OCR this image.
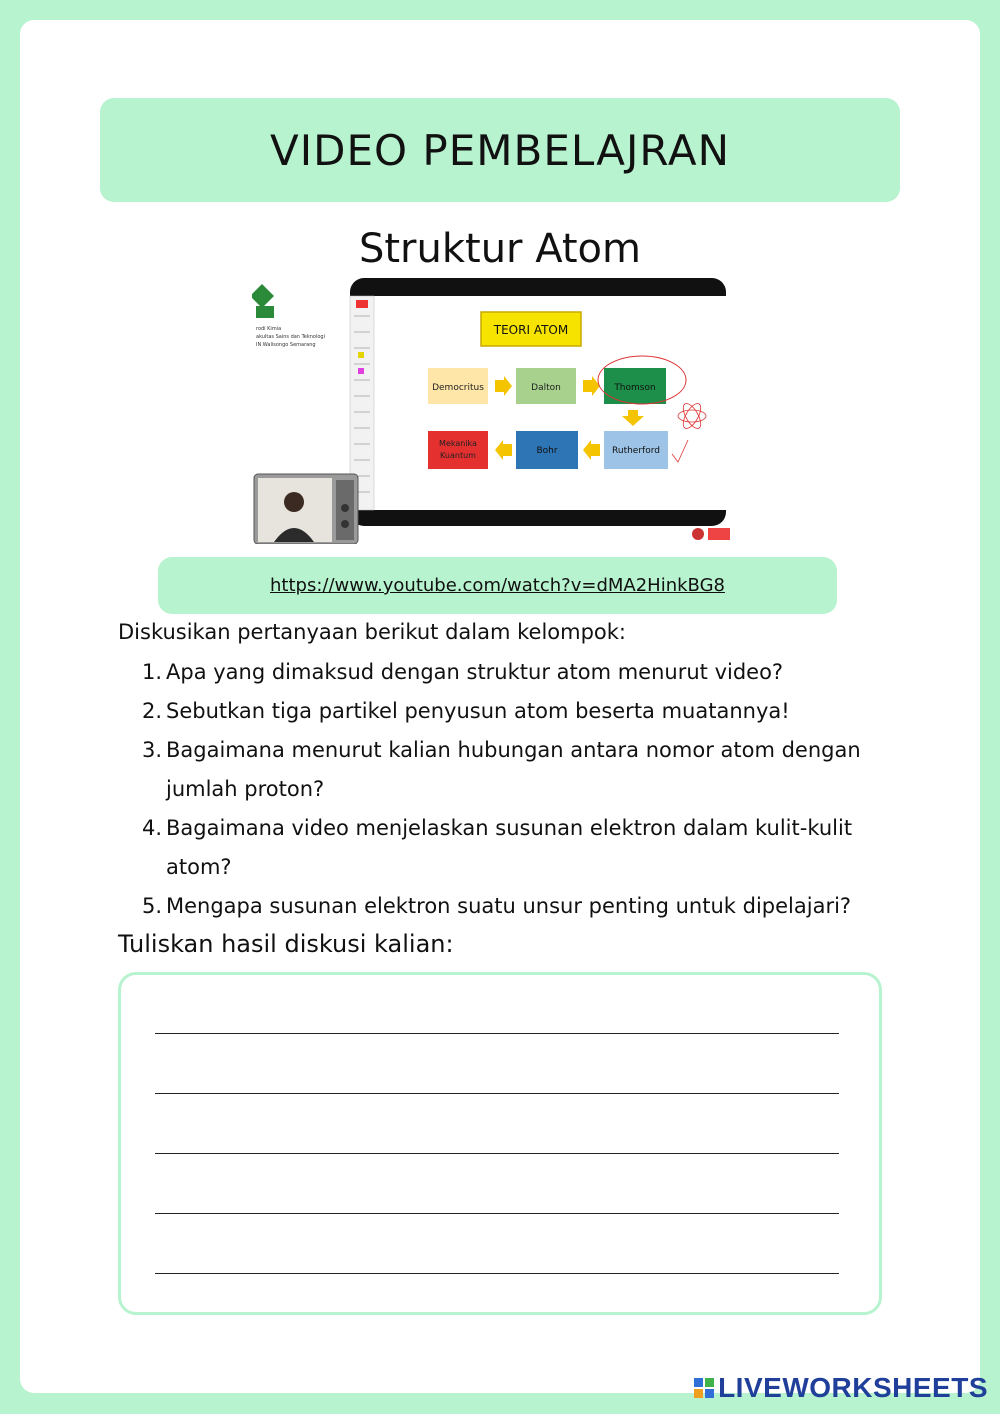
VIDEO PEMBELAJRAN
Struktur Atom
rodi Kimia
akultas Sains dan Teknologi
IN Walisongo Semarang
TEORI ATOM
Democritus	Dalton	Thomson
Mekanika
Kuantum	Bohr	Rutherford
https://www.youtube.com/watch?v=dMA2HinkBG8
Diskusikan pertanyaan berikut dalam kelompok:
1. Apa yang dimaksud dengan struktur atom menurut video?
2. Sebutkan tiga partikel penyusun atom beserta muatannya!
3. Bagaimana menurut kalian hubungan antara nomor atom dengan jumlah proton?
4. Bagaimana video menjelaskan susunan elektron dalam kulit-kulit atom?
5. Mengapa susunan elektron suatu unsur penting untuk dipelajari?
Tuliskan hasil diskusi kalian:
LIVEWORKSHEETS
